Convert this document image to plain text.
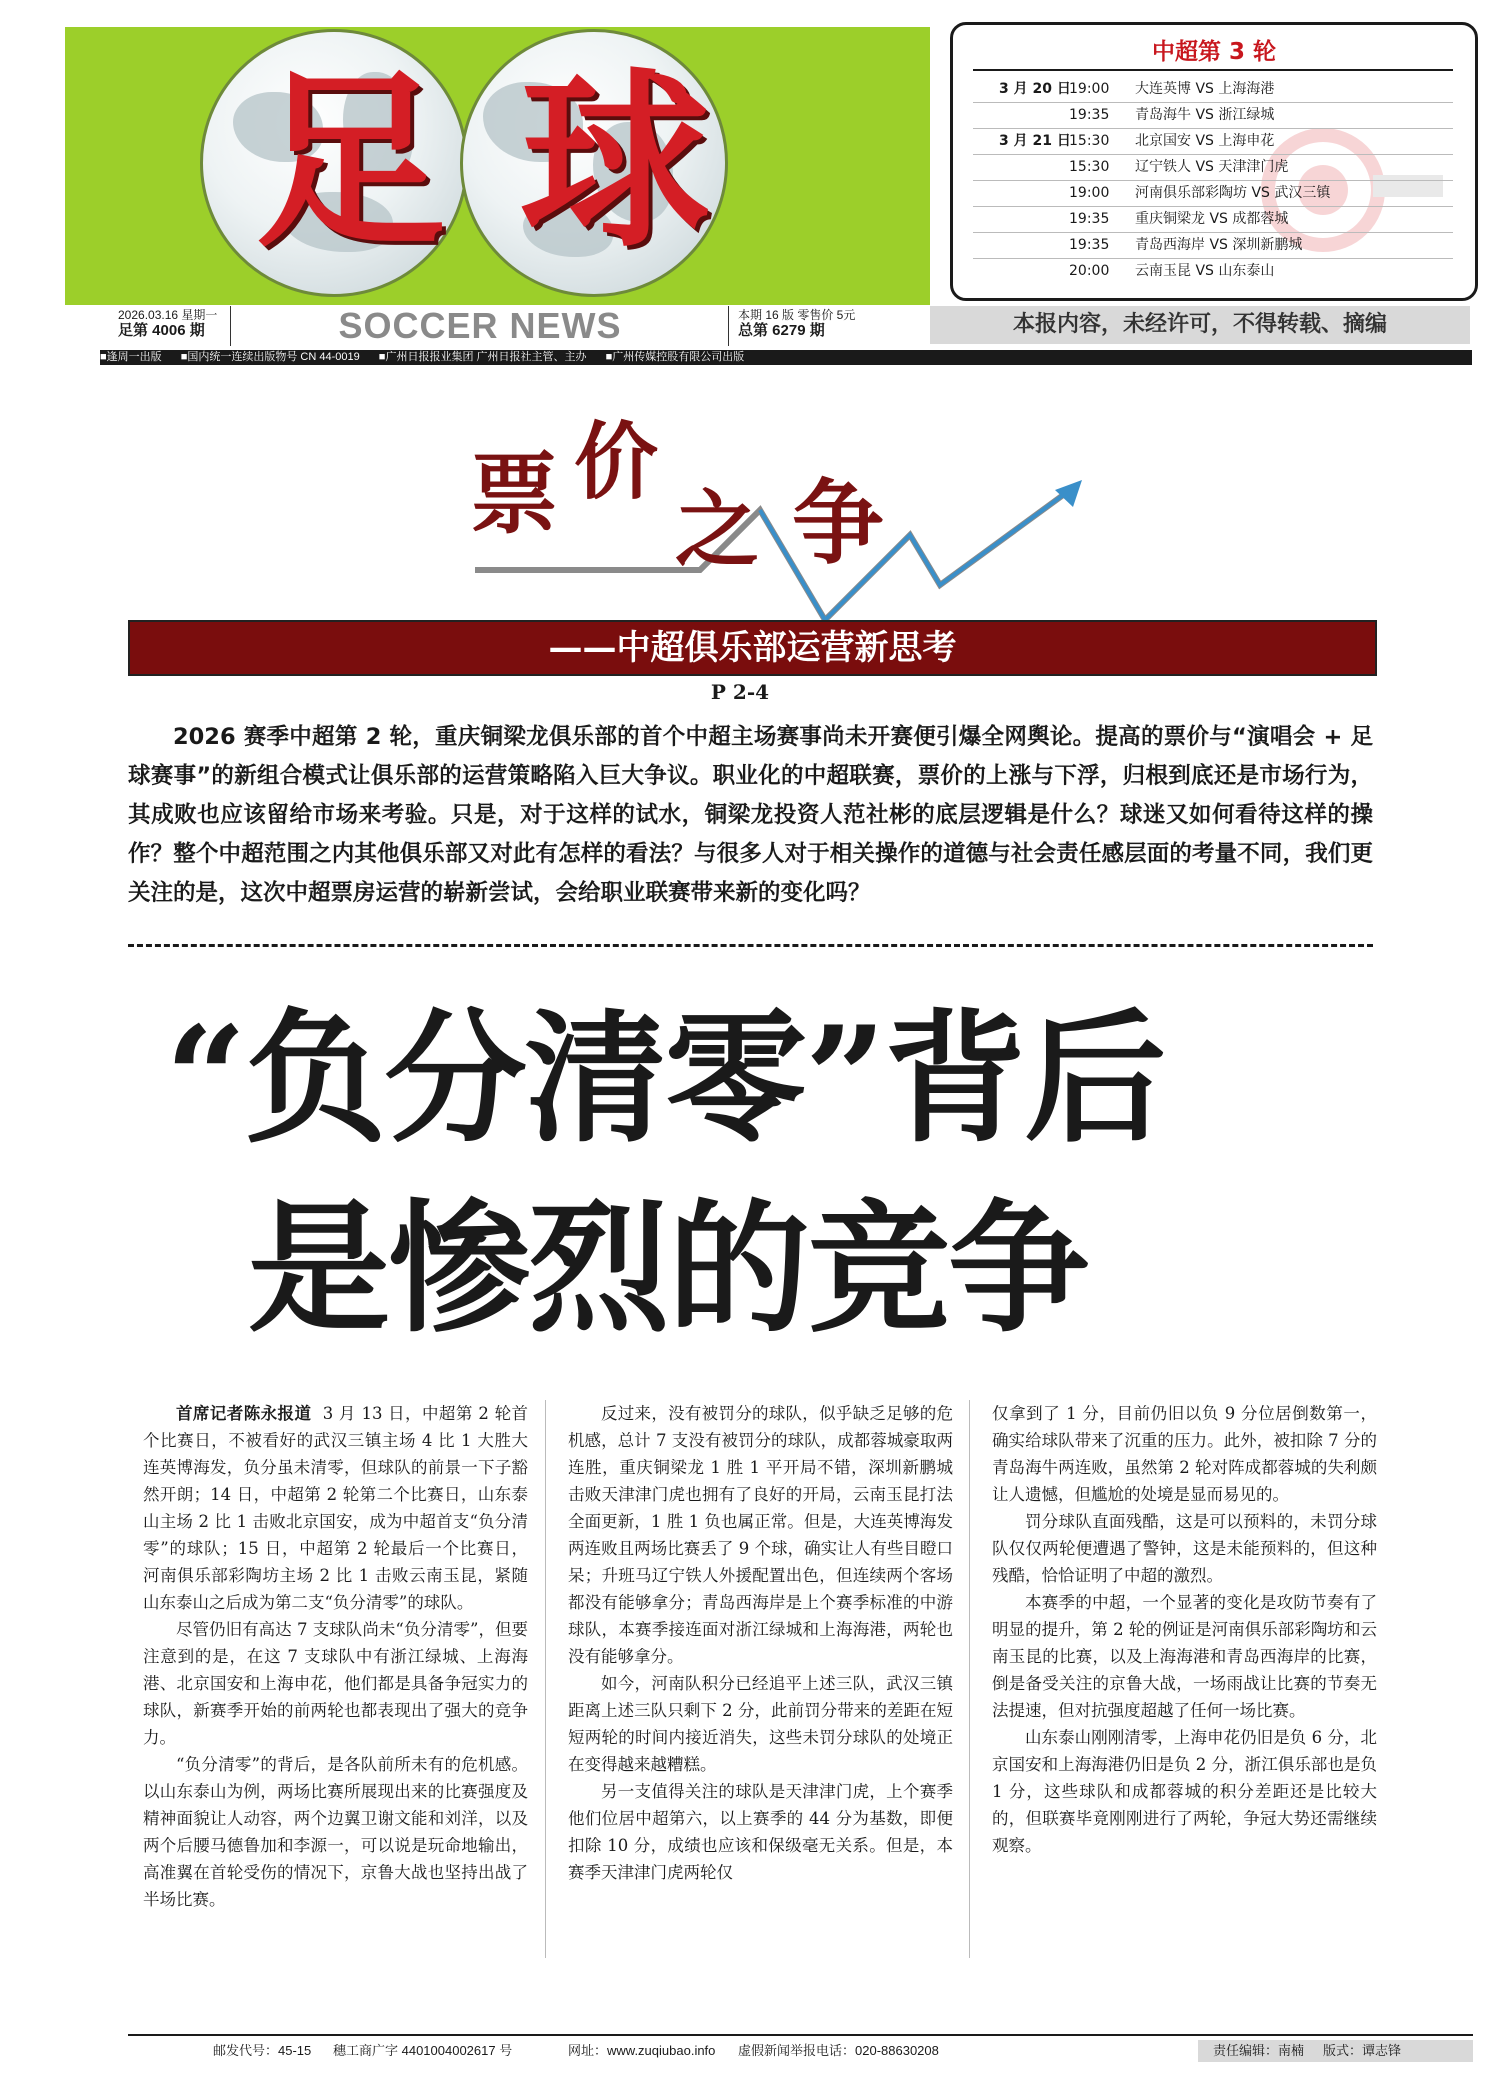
足 球
2026.03.16 星期一
足第 4006 期	SOCCER NEWS	本期 16 版 零售价 5元
总第 6279 期	本报内容，未经许可，不得转载、摘编
■逢周一出版 ■国内统一连续出版物号 CN 44-0019 ■广州日报报业集团 广州日报社主管、主办 ■广州传媒控股有限公司出版
中超第 3 轮
3 月 20 日
19:00 大连英博 VS 上海海港
19:35 青岛海牛 VS 浙江绿城
3 月 21 日
15:30 北京国安 VS 上海申花
15:30 辽宁铁人 VS 天津津门虎
19:00 河南俱乐部彩陶坊 VS 武汉三镇
19:35 重庆铜梁龙 VS 成都蓉城
19:35 青岛西海岸 VS 深圳新鹏城
20:00 云南玉昆 VS 山东泰山
票 价
之 争
——中超俱乐部运营新思考
P 2-4
2026 赛季中超第 2 轮，重庆铜梁龙俱乐部的首个中超主场赛事尚未开赛便引爆全网舆论。提高的票价与“演唱会 + 足球赛事”的新组合模式让俱乐部的运营策略陷入巨大争议。职业化的中超联赛，票价的上涨与下浮，归根到底还是市场行为，其成败也应该留给市场来考验。只是，对于这样的试水，铜梁龙投资人范社彬的底层逻辑是什么？球迷又如何看待这样的操作？整个中超范围之内其他俱乐部又对此有怎样的看法？与很多人对于相关操作的道德与社会责任感层面的考量不同，我们更关注的是，这次中超票房运营的崭新尝试，会给职业联赛带来新的变化吗？
“负分清零”背后
是惨烈的竞争

首席记者陈永报道 3 月 13 日，中超第 2 轮首个比赛日，不被看好的武汉三镇主场 4 比 1 大胜大连英博海发，负分虽未清零，但球队的前景一下子豁然开朗；14 日，中超第 2 轮第二个比赛日，山东泰山主场 2 比 1 击败北京国安，成为中超首支“负分清零”的球队；15 日，中超第 2 轮最后一个比赛日，河南俱乐部彩陶坊主场 2 比 1 击败云南玉昆，紧随山东泰山之后成为第二支“负分清零”的球队。

尽管仍旧有高达 7 支球队尚未“负分清零”，但要注意到的是，在这 7 支球队中有浙江绿城、上海海港、北京国安和上海申花，他们都是具备争冠实力的球队，新赛季开始的前两轮也都表现出了强大的竞争力。

“负分清零”的背后，是各队前所未有的危机感。以山东泰山为例，两场比赛所展现出来的比赛强度及精神面貌让人动容，两个边翼卫谢文能和刘洋，以及两个后腰马德鲁加和李源一，可以说是玩命地输出，高准翼在首轮受伤的情况下，京鲁大战也坚持出战了半场比赛。

反过来，没有被罚分的球队，似乎缺乏足够的危机感，总计 7 支没有被罚分的球队，成都蓉城豪取两连胜，重庆铜梁龙 1 胜 1 平开局不错，深圳新鹏城击败天津津门虎也拥有了良好的开局，云南玉昆打法全面更新，1 胜 1 负也属正常。但是，大连英博海发两连败且两场比赛丢了 9 个球，确实让人有些目瞪口呆；升班马辽宁铁人外援配置出色，但连续两个客场都没有能够拿分；青岛西海岸是上个赛季标准的中游球队，本赛季接连面对浙江绿城和上海海港，两轮也没有能够拿分。

如今，河南队积分已经追平上述三队，武汉三镇距离上述三队只剩下 2 分，此前罚分带来的差距在短短两轮的时间内接近消失，这些未罚分球队的处境正在变得越来越糟糕。

另一支值得关注的球队是天津津门虎，上个赛季他们位居中超第六，以上赛季的 44 分为基数，即便扣除 10 分，成绩也应该和保级毫无关系。但是，本赛季天津津门虎两轮仅

仅拿到了 1 分，目前仍旧以负 9 分位居倒数第一，确实给球队带来了沉重的压力。此外，被扣除 7 分的青岛海牛两连败，虽然第 2 轮对阵成都蓉城的失利颇让人遗憾，但尴尬的处境是显而易见的。

罚分球队直面残酷，这是可以预料的，未罚分球队仅仅两轮便遭遇了警钟，这是未能预料的，但这种残酷，恰恰证明了中超的激烈。

本赛季的中超，一个显著的变化是攻防节奏有了明显的提升，第 2 轮的例证是河南俱乐部彩陶坊和云南玉昆的比赛，以及上海海港和青岛西海岸的比赛，倒是备受关注的京鲁大战，一场雨战让比赛的节奏无法提速，但对抗强度超越了任何一场比赛。

山东泰山刚刚清零，上海申花仍旧是负 6 分，北京国安和上海海港仍旧是负 2 分，浙江俱乐部也是负 1 分，这些球队和成都蓉城的积分差距还是比较大的，但联赛毕竟刚刚进行了两轮，争冠大势还需继续观察。

邮发代号：45-15 穗工商广字 4401004002617 号	网址：www.zuqiubao.info 虚假新闻举报电话：020-88630208	责任编辑：南楠 版式：谭志锋
